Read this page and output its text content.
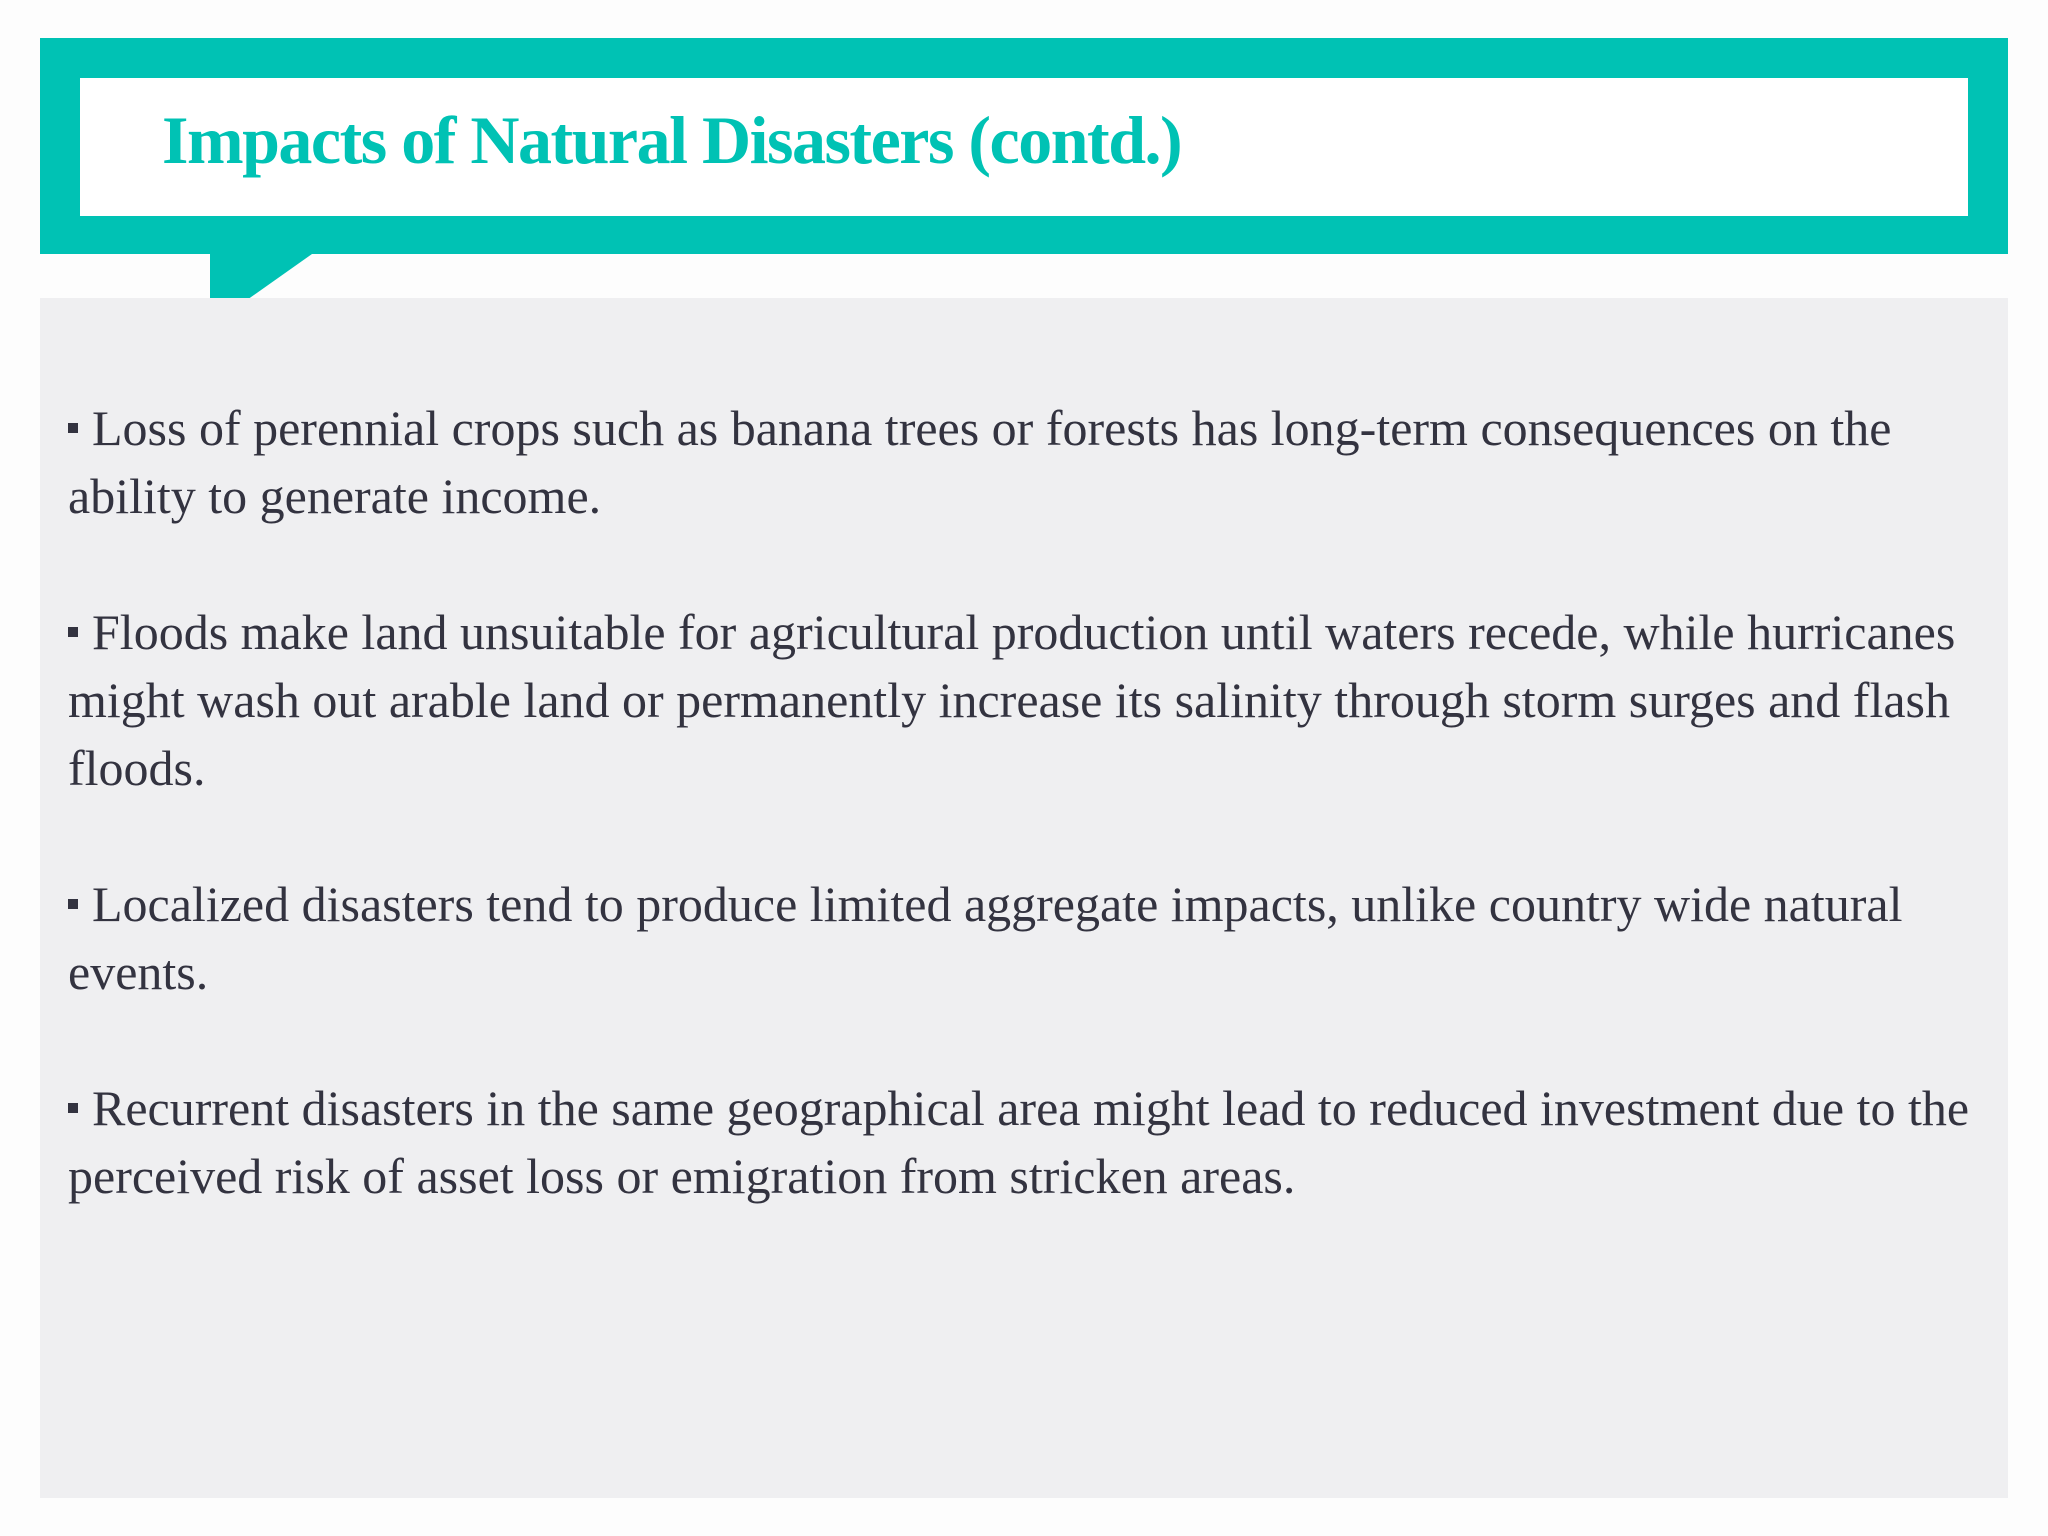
Impacts of Natural Disasters (contd.)
Loss of perennial crops such as banana trees or forests has long-term consequences on the ability to generate income.
Floods make land unsuitable for agricultural production until waters recede, while hurricanes might wash out arable land or permanently increase its salinity through storm surges and flash floods.
Localized disasters tend to produce limited aggregate impacts, unlike country wide natural events.
Recurrent disasters in the same geographical area might lead to reduced investment due to the perceived risk of asset loss or emigration from stricken areas.
